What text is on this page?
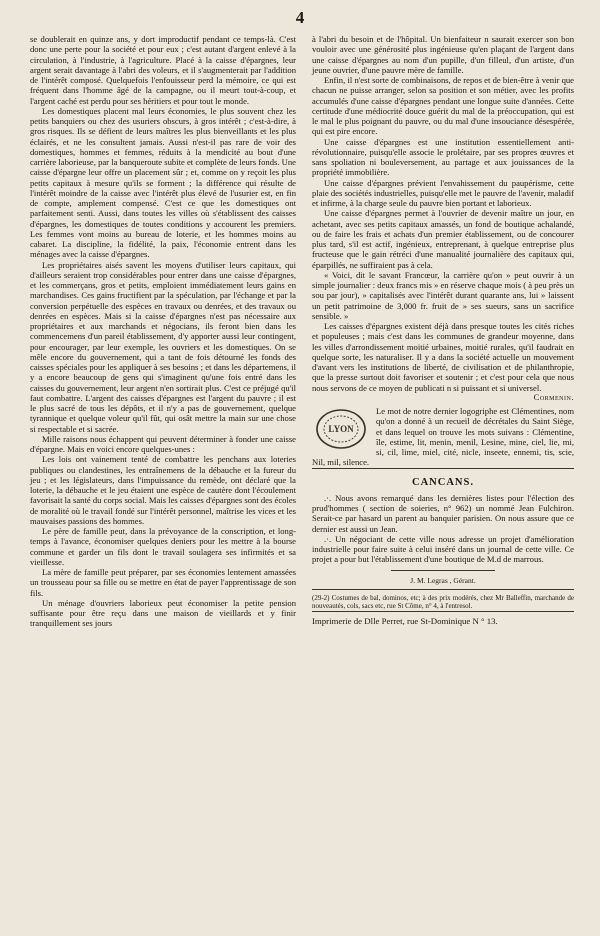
4

se doublerait en quinze ans, y dort improductif pendant ce temps-là. C'est donc une perte pour la société et pour eux ; c'est autant d'argent enlevé à la circulation, à l'industrie, à l'agriculture. Placé à la caisse d'épargnes, leur argent serait davantage à l'abri des voleurs, et il s'augmenterait par l'addition de l'intérêt composé. Quelquefois l'enfouisseur perd la mémoire, ce qui est fréquent dans l'homme âgé de la campagne, ou il meurt tout-à-coup, et l'argent caché est perdu pour ses héritiers et pour tout le monde.

Les domestiques placent mal leurs économies, le plus souvent chez les petits banquiers ou chez des usuriers obscurs, à gros intérêt ; c'est-à-dire, à gros risques. Ils se défient de leurs maîtres les plus bienveillants et les plus éclairés, et ne les consultent jamais. Aussi n'est-il pas rare de voir des domestiques, hommes et femmes, réduits à la mendicité au bout d'une carrière laborieuse, par la banqueroute subite et complète de leurs fonds. Une caisse d'épargne leur offre un placement sûr ; et, comme on y reçoit les plus petits capitaux à mesure qu'ils se forment ; la différence qui résulte de l'intérêt moindre de la caisse avec l'intérêt plus élevé de l'usurier est, en fin de compte, amplement compensé. C'est ce que les domestiques ont parfaitement senti. Aussi, dans toutes les villes où s'établissent des caisses d'épargnes, les domestiques de toutes conditions y accourent les premiers. Les femmes vont moins au bureau de loterie, et les hommes moins au cabaret. La discipline, la fidélité, la paix, l'économie entrent dans les ménages avec la caisse d'épargnes.

Les propriétaires aisés savent les moyens d'utiliser leurs capitaux, qui d'ailleurs seraient trop considérables pour entrer dans une caisse d'épargnes, et les commerçans, gros et petits, emploient immédiatement leurs gains en marchandises. Ces gains fructifient par la spéculation, par l'échange et par la conversion perpétuelle des espèces en travaux ou denrées, et des travaux ou denrées en espèces. Mais si la caisse d'épargnes n'est pas nécessaire aux propriétaires et aux marchands et négocians, ils feront bien dans les commencemens d'un pareil établissement, d'y apporter aussi leur contingent, pour encourager, par leur exemple, les ouvriers et les domestiques. On se mêle encore du gouvernement, qui a tant de fois détourné les fonds des caisses spéciales pour les appliquer à ses besoins ; et dans les départemens, il y a encore beaucoup de gens qui s'imaginent qu'une fois entré dans les caisses du gouvernement, leur argent n'en sortirait plus. C'est ce préjugé qu'il faut combattre. L'argent des caisses d'épargnes est l'argent du pauvre ; il est le plus sacré de tous les dépôts, et il n'y a pas de gouvernement, quelque tyrannique et quelque voleur qu'il fût, qui osât mettre la main sur une chose si respectable et si sacrée.

Mille raisons nous échappent qui peuvent déterminer à fonder une caisse d'épargne. Mais en voici encore quelques-unes :

Les lois ont vainement tenté de combattre les penchans aux loteries publiques ou clandestines, les entraînemens de la débauche et la fureur du jeu ; et les législateurs, dans l'impuissance du remède, ont déclaré que la loterie, la débauche et le jeu étaient une espèce de cautère dont l'écoulement favorisait la santé du corps social. Mais les caisses d'épargnes sont des écoles de moralité où le travail fondé sur l'intérêt personnel, maîtrise les vices et les mauvaises passions des hommes.

Le père de famille peut, dans la prévoyance de la conscription, et long-temps à l'avance, économiser quelques deniers pour les mettre à la bourse commune et garder un fils dont le travail soulagera ses infirmités et sa vieillesse.

La mère de famille peut préparer, par ses économies lentement amassées un trousseau pour sa fille ou se mettre en état de payer l'apprentissage de son fils.

Un ménage d'ouvriers laborieux peut économiser la petite pension suffisante pour être reçu dans une maison de vieillards et y finir tranquillement ses jours

à l'abri du besoin et de l'hôpital. Un bienfaiteur n saurait exercer son bon vouloir avec une générosité plus ingénieuse qu'en plaçant de l'argent dans une caisse d'épargnes au nom d'un pupille, d'un filleul, d'un artiste, d'un jeune ouvrier, d'une pauvre mère de famille.

Enfin, il n'est sorte de combinaisons, de repos et de bien-être à venir que chacun ne puisse arranger, selon sa position et son métier, avec les profits accumulés d'une caisse d'épargnes pendant une longue suite d'années. Cette certitude d'une médiocrité douce guérit du mal de la préoccupation, qui est le mal le plus poignant du pauvre, ou du mal d'une insouciance désespérée, qui est pire encore.

Une caisse d'épargnes est une institution essentiellement anti-révolutionnaire, puisqu'elle associe le prolétaire, par ses propres œuvres et sans spoliation ni bouleversement, au partage et aux jouissances de la propriété immobilière.

Une caisse d'épargnes prévient l'envahissement du paupérisme, cette plaie des sociétés industrielles, puisqu'elle met le pauvre de l'avenir, maladif et infirme, à la charge seule du pauvre bien portant et laborieux.

Une caisse d'épargnes permet à l'ouvrier de devenir maître un jour, en achetant, avec ses petits capitaux amassés, un fond de boutique achalandé, ou de faire les frais et achats d'un premier établissement, ou de concourer plus tard, s'il est actif, ingénieux, entreprenant, à quelque entreprise plus fructeuse que le gain rétréci d'une manualité journalière des capitaux qui, éparpillés, ne suffiraient pas à cela.

« Voici, dit le savant Francœur, la carrière qu'on » peut ouvrir à un simple journalier : deux francs mis » en réserve chaque mois ( à peu près un sou par jour), » capitalisés avec l'intérêt durant quarante ans, lui » laissent un petit patrimoine de 3,000 fr. fruit de » ses sueurs, sans un sacrifice sensible. »

Les caisses d'épargnes existent déjà dans presque toutes les cités riches et populeuses ; mais c'est dans les communes de grandeur moyenne, dans les villes d'arrondissement moitié urbaines, moitié rurales, qu'il faudrait en quelque sorte, les naturaliser. Il y a dans la société actuelle un mouvement d'avant vers les institutions de liberté, de civilisation et de philanthropie, que la presse surtout doit favoriser et soutenir ; et c'est pour cela que nous nous servons de ce moyen de publicati n si puissant et si universel.

Cormenin.
LYON

Le mot de notre dernier logogriphe est Clémentines, nom qu'on a donné à un recueil de décrétales du Saint Siège, et dans lequel on trouve les mots suivans : Clémentine, île, estime, lit, menin, menil, Lesine, mine, ciel, lie, mi, si, cil, lime, miel, cité, nicle, inseete, ennemi, tis, scie, Nil, mil, silence.

CANCANS.

.·. Nous avons remarqué dans les dernières listes pour l'élection des prud'hommes ( section de soieries, n° 962) un nommé Jean Fulchiron. Serait-ce par hasard un parent au banquier parisien. On nous assure que ce dernier est aussi un Jean.

.·. Un négociant de cette ville nous adresse un projet d'amélioration industrielle pour faire suite à celui inséré dans un journal de cette ville. Ce projet a pour but l'établissement d'une boutique de M.d de marrous.

J. M. Legras , Gérant.

(29-2) Costumes de bal, dominos, etc; à des prix modérés, chez Mr Balleffin, marchande de nouveautés, cols, sacs etc, rue St Côme, n° 4, à l'entresol.

Imprimerie de Dlle Perret, rue St-Dominique N ° 13.
